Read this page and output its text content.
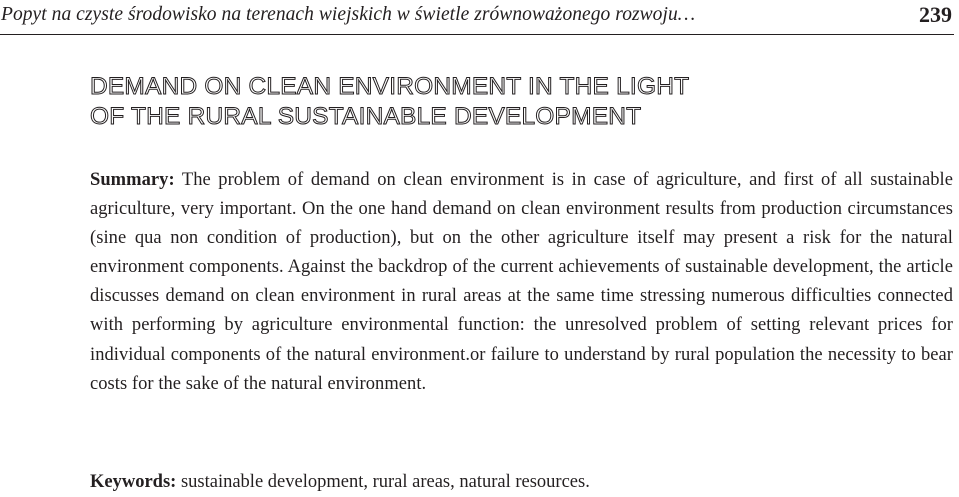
Popyt na czyste środowisko na terenach wiejskich w świetle zrównoważonego rozwoju…	239
DEMAND ON CLEAN ENVIRONMENT IN THE LIGHT
OF THE RURAL SUSTAINABLE DEVELOPMENT

Summary: The problem of demand on clean environment is in case of agriculture, and first of all sustainable agriculture, very important. On the one hand demand on clean environment results from production circumstances (sine qua non condition of production), but on the other agriculture itself may present a risk for the natural environment components. Against the backdrop of the current achievements of sustainable development, the article discusses demand on clean environment in rural areas at the same time stressing numerous difficulties connected with performing by agriculture environmental function: the unresolved problem of setting relevant prices for individual components of the natural environment.or failure to understand by rural population the necessity to bear costs for the sake of the natural environment.

Keywords: sustainable development, rural areas, natural resources.
